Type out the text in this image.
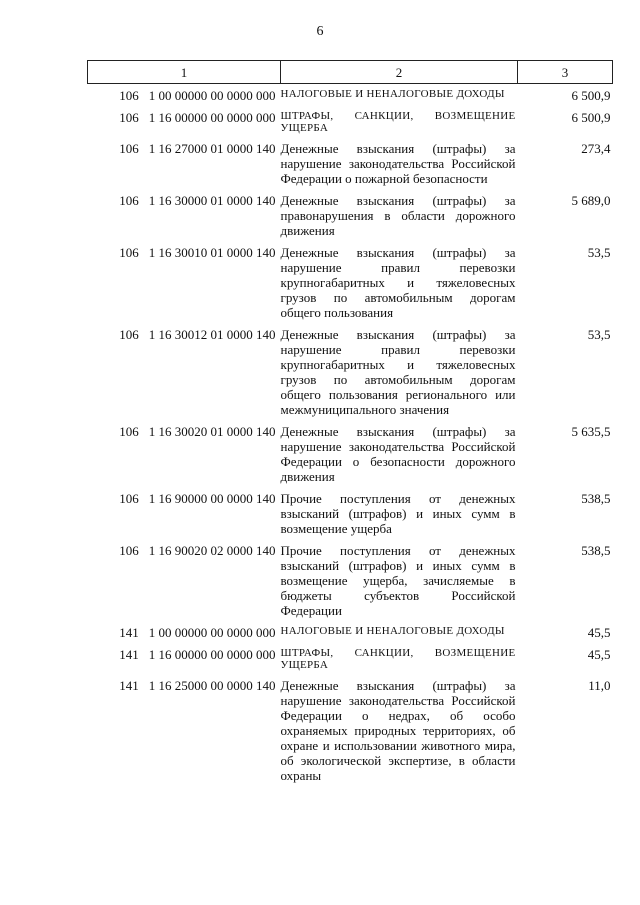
6
1	2	3
106 1 00 00000 00 0000 000	НАЛОГОВЫЕ И НЕНАЛОГОВЫЕ ДОХОДЫ	6 500,9
106 1 16 00000 00 0000 000	ШТРАФЫ, САНКЦИИ, ВОЗМЕЩЕНИЕ УЩЕРБА	6 500,9
106 1 16 27000 01 0000 140	Денежные взыскания (штрафы) за нарушение законодательства Российской Федерации о пожарной безопасности	273,4
106 1 16 30000 01 0000 140	Денежные взыскания (штрафы) за правонарушения в области дорожного движения	5 689,0
106 1 16 30010 01 0000 140	Денежные взыскания (штрафы) за нарушение правил перевозки крупногабаритных и тяжеловесных грузов по автомобильным дорогам общего пользования	53,5
106 1 16 30012 01 0000 140	Денежные взыскания (штрафы) за нарушение правил перевозки крупногабаритных и тяжеловесных грузов по автомобильным дорогам общего пользования регионального или межмуниципального значения	53,5
106 1 16 30020 01 0000 140	Денежные взыскания (штрафы) за нарушение законодательства Российской Федерации о безопасности дорожного движения	5 635,5
106 1 16 90000 00 0000 140	Прочие поступления от денежных взысканий (штрафов) и иных сумм в возмещение ущерба	538,5
106 1 16 90020 02 0000 140	Прочие поступления от денежных взысканий (штрафов) и иных сумм в возмещение ущерба, зачисляемые в бюджеты субъектов Российской Федерации	538,5
141 1 00 00000 00 0000 000	НАЛОГОВЫЕ И НЕНАЛОГОВЫЕ ДОХОДЫ	45,5
141 1 16 00000 00 0000 000	ШТРАФЫ, САНКЦИИ, ВОЗМЕЩЕНИЕ УЩЕРБА	45,5
141 1 16 25000 00 0000 140	Денежные взыскания (штрафы) за нарушение законодательства Российской Федерации о недрах, об особо охраняемых природных территориях, об охране и использовании животного мира, об экологической экспертизе, в области охраны	11,0
